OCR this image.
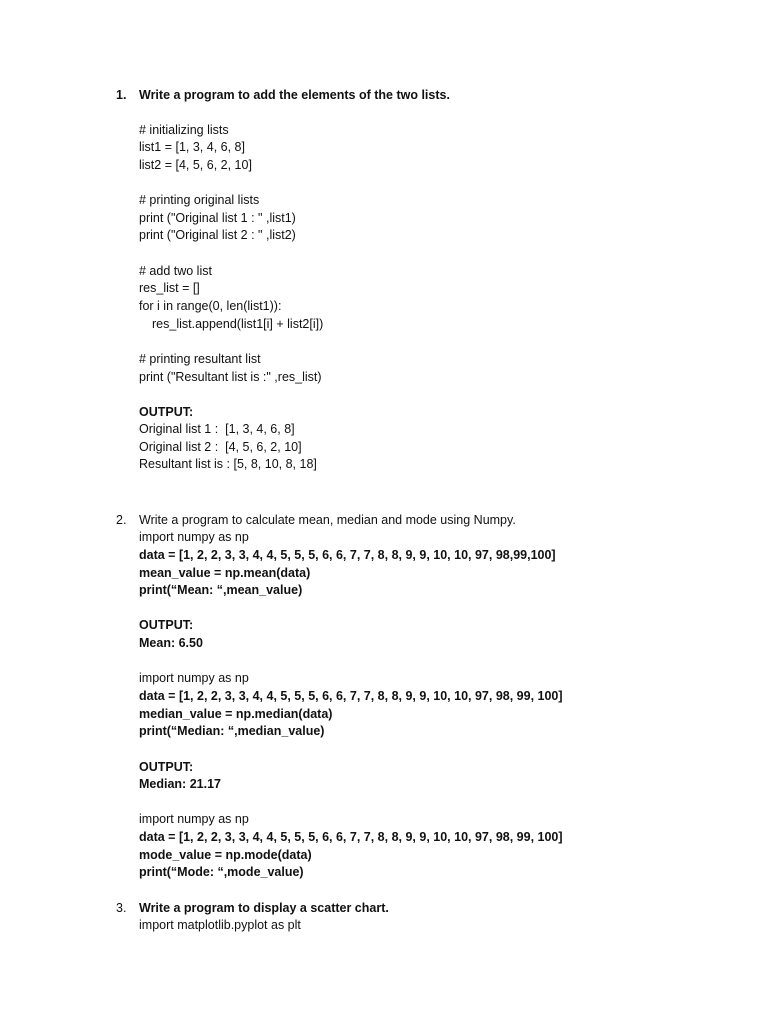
1.	Write a program to add the elements of the two lists.
# initializing lists
list1 = [1, 3, 4, 6, 8]
list2 = [4, 5, 6, 2, 10]
# printing original lists
print ("Original list 1 : " ,list1)
print ("Original list 2 : " ,list2)
# add two list
res_list = []
for i in range(0, len(list1)):
res_list.append(list1[i] + list2[i])
# printing resultant list
print ("Resultant list is :" ,res_list)
OUTPUT:
Original list 1 :  [1, 3, 4, 6, 8]
Original list 2 :  [4, 5, 6, 2, 10]
Resultant list is : [5, 8, 10, 8, 18]
2.	Write a program to calculate mean, median and mode using Numpy.
import numpy as np
data = [1, 2, 2, 3, 3, 4, 4, 5, 5, 5, 6, 6, 7, 7, 8, 8, 9, 9, 10, 10, 97, 98,99,100]
mean_value = np.mean(data)
print(“Mean: “,mean_value)
OUTPUT:
Mean: 6.50
import numpy as np
data = [1, 2, 2, 3, 3, 4, 4, 5, 5, 5, 6, 6, 7, 7, 8, 8, 9, 9, 10, 10, 97, 98, 99, 100]
median_value = np.median(data)
print(“Median: “,median_value)
OUTPUT:
Median: 21.17
import numpy as np
data = [1, 2, 2, 3, 3, 4, 4, 5, 5, 5, 6, 6, 7, 7, 8, 8, 9, 9, 10, 10, 97, 98, 99, 100]
mode_value = np.mode(data)
print(“Mode: “,mode_value)
3.	Write a program to display a scatter chart.
import matplotlib.pyplot as plt
